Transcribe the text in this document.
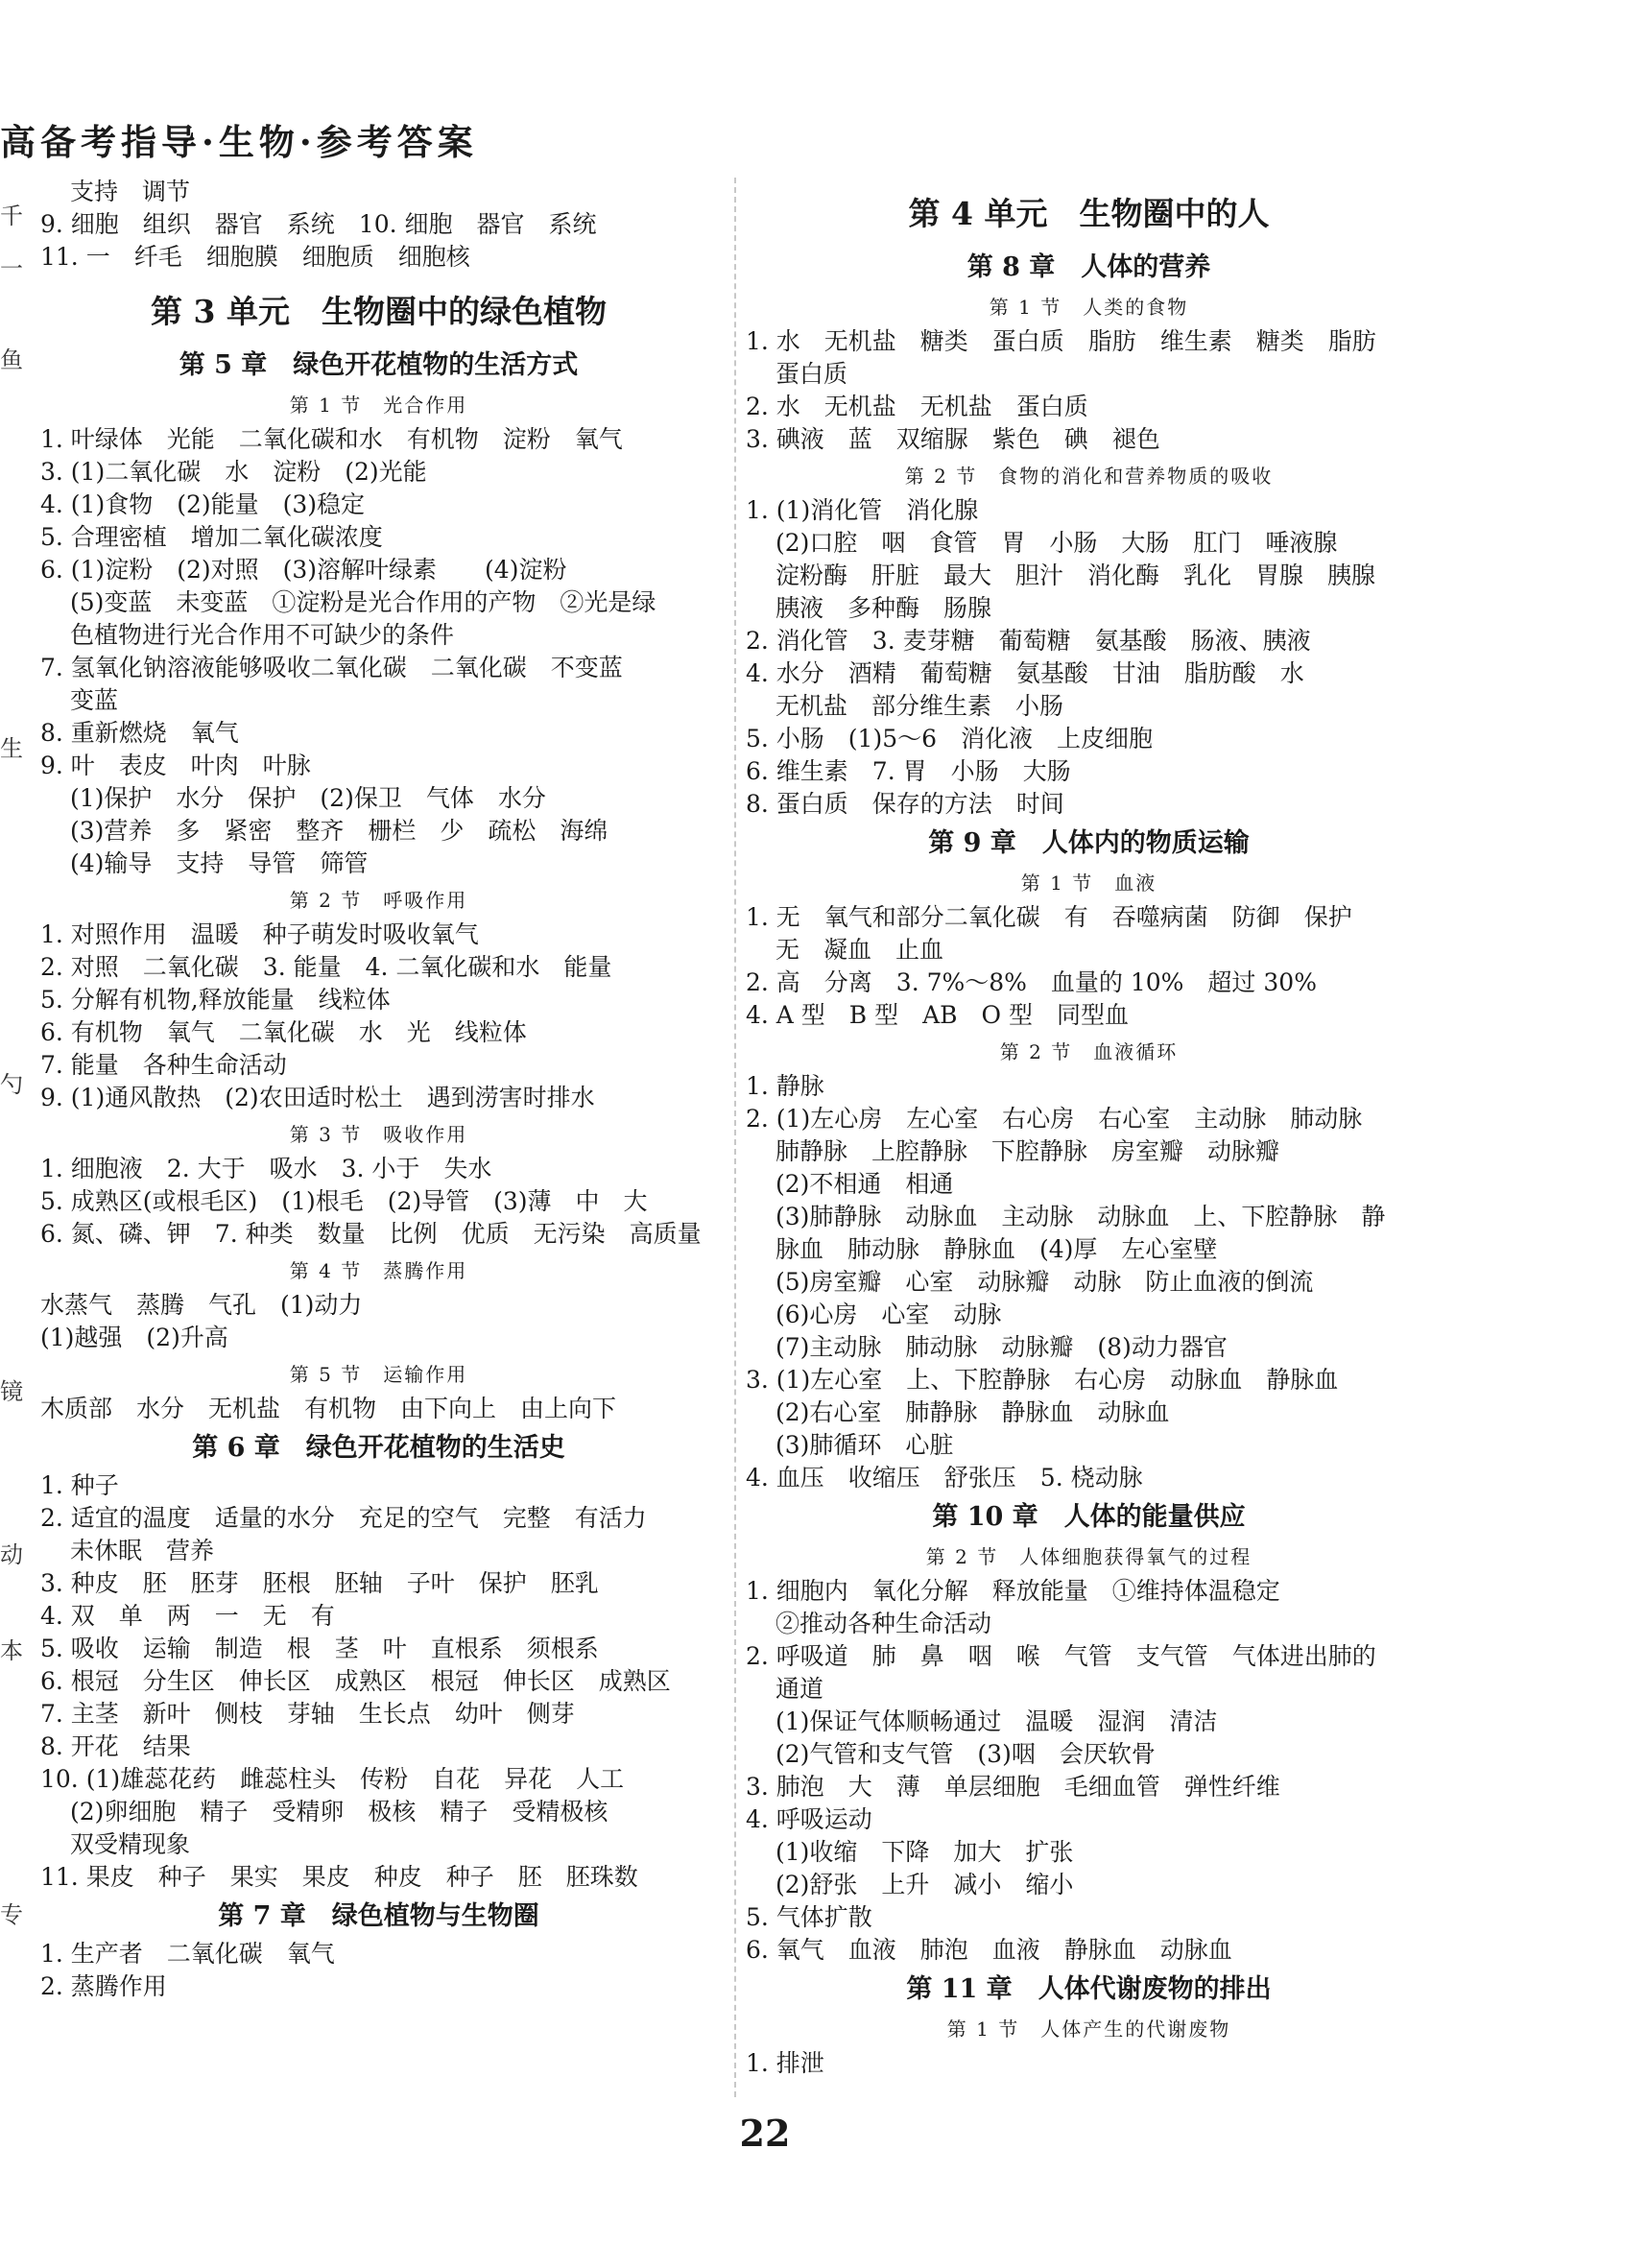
高备考指导·生物·参考答案
千
一
鱼
生
勺
镜
动
本
专
支持　调节
9. 细胞　组织　器官　系统　10. 细胞　器官　系统
11. 一　纤毛　细胞膜　细胞质　细胞核
第 3 单元　生物圈中的绿色植物
第 5 章　绿色开花植物的生活方式
第 1 节　光合作用
1. 叶绿体　光能　二氧化碳和水　有机物　淀粉　氧气
3. (1)二氧化碳　水　淀粉　(2)光能
4. (1)食物　(2)能量　(3)稳定
5. 合理密植　增加二氧化碳浓度
6. (1)淀粉　(2)对照　(3)溶解叶绿素　　(4)淀粉
(5)变蓝　未变蓝　①淀粉是光合作用的产物　②光是绿
色植物进行光合作用不可缺少的条件
7. 氢氧化钠溶液能够吸收二氧化碳　二氧化碳　不变蓝
变蓝
8. 重新燃烧　氧气
9. 叶　表皮　叶肉　叶脉
(1)保护　水分　保护　(2)保卫　气体　水分
(3)营养　多　紧密　整齐　栅栏　少　疏松　海绵
(4)输导　支持　导管　筛管
第 2 节　呼吸作用
1. 对照作用　温暖　种子萌发时吸收氧气
2. 对照　二氧化碳　3. 能量　4. 二氧化碳和水　能量
5. 分解有机物,释放能量　线粒体
6. 有机物　氧气　二氧化碳　水　光　线粒体
7. 能量　各种生命活动
9. (1)通风散热　(2)农田适时松土　遇到涝害时排水
第 3 节　吸收作用
1. 细胞液　2. 大于　吸水　3. 小于　失水
5. 成熟区(或根毛区)　(1)根毛　(2)导管　(3)薄　中　大
6. 氮、磷、钾　7. 种类　数量　比例　优质　无污染　高质量
第 4 节　蒸腾作用
水蒸气　蒸腾　气孔　(1)动力
(1)越强　(2)升高
第 5 节　运输作用
木质部　水分　无机盐　有机物　由下向上　由上向下
第 6 章　绿色开花植物的生活史
1. 种子
2. 适宜的温度　适量的水分　充足的空气　完整　有活力
未休眠　营养
3. 种皮　胚　胚芽　胚根　胚轴　子叶　保护　胚乳
4. 双　单　两　一　无　有
5. 吸收　运输　制造　根　茎　叶　直根系　须根系
6. 根冠　分生区　伸长区　成熟区　根冠　伸长区　成熟区
7. 主茎　新叶　侧枝　芽轴　生长点　幼叶　侧芽
8. 开花　结果
10. (1)雄蕊花药　雌蕊柱头　传粉　自花　异花　人工
(2)卵细胞　精子　受精卵　极核　精子　受精极核
双受精现象
11. 果皮　种子　果实　果皮　种皮　种子　胚　胚珠数
第 7 章　绿色植物与生物圈
1. 生产者　二氧化碳　氧气
2. 蒸腾作用
第 4 单元　生物圈中的人
第 8 章　人体的营养
第 1 节　人类的食物
1. 水　无机盐　糖类　蛋白质　脂肪　维生素　糖类　脂肪
蛋白质
2. 水　无机盐　无机盐　蛋白质
3. 碘液　蓝　双缩脲　紫色　碘　褪色
第 2 节　食物的消化和营养物质的吸收
1. (1)消化管　消化腺
(2)口腔　咽　食管　胃　小肠　大肠　肛门　唾液腺
淀粉酶　肝脏　最大　胆汁　消化酶　乳化　胃腺　胰腺
胰液　多种酶　肠腺
2. 消化管　3. 麦芽糖　葡萄糖　氨基酸　肠液、胰液
4. 水分　酒精　葡萄糖　氨基酸　甘油　脂肪酸　水
无机盐　部分维生素　小肠
5. 小肠　(1)5～6　消化液　上皮细胞
6. 维生素　7. 胃　小肠　大肠
8. 蛋白质　保存的方法　时间
第 9 章　人体内的物质运输
第 1 节　血液
1. 无　氧气和部分二氧化碳　有　吞噬病菌　防御　保护
无　凝血　止血
2. 高　分离　3. 7%～8%　血量的 10%　超过 30%
4. A 型　B 型　AB　O 型　同型血
第 2 节　血液循环
1. 静脉
2. (1)左心房　左心室　右心房　右心室　主动脉　肺动脉
肺静脉　上腔静脉　下腔静脉　房室瓣　动脉瓣
(2)不相通　相通
(3)肺静脉　动脉血　主动脉　动脉血　上、下腔静脉　静
脉血　肺动脉　静脉血　(4)厚　左心室壁
(5)房室瓣　心室　动脉瓣　动脉　防止血液的倒流
(6)心房　心室　动脉
(7)主动脉　肺动脉　动脉瓣　(8)动力器官
3. (1)左心室　上、下腔静脉　右心房　动脉血　静脉血
(2)右心室　肺静脉　静脉血　动脉血
(3)肺循环　心脏
4. 血压　收缩压　舒张压　5. 桡动脉
第 10 章　人体的能量供应
第 2 节　人体细胞获得氧气的过程
1. 细胞内　氧化分解　释放能量　①维持体温稳定
②推动各种生命活动
2. 呼吸道　肺　鼻　咽　喉　气管　支气管　气体进出肺的
通道
(1)保证气体顺畅通过　温暖　湿润　清洁
(2)气管和支气管　(3)咽　会厌软骨
3. 肺泡　大　薄　单层细胞　毛细血管　弹性纤维
4. 呼吸运动
(1)收缩　下降　加大　扩张
(2)舒张　上升　减小　缩小
5. 气体扩散
6. 氧气　血液　肺泡　血液　静脉血　动脉血
第 11 章　人体代谢废物的排出
第 1 节　人体产生的代谢废物
1. 排泄
22
